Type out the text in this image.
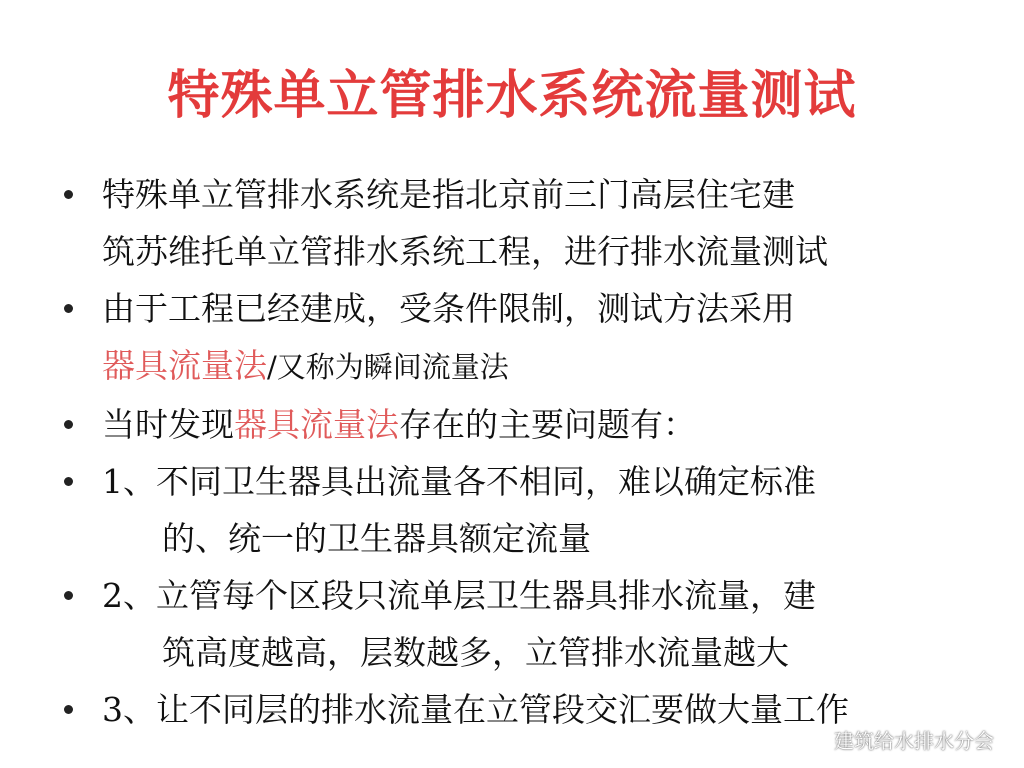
特殊单立管排水系统流量测试
特殊单立管排水系统是指北京前三门高层住宅建
筑苏维托单立管排水系统工程，进行排水流量测试
由于工程已经建成，受条件限制，测试方法采用
器具流量法/又称为瞬间流量法
当时发现器具流量法存在的主要问题有：
1、不同卫生器具出流量各不相同，难以确定标准
的、统一的卫生器具额定流量
2、立管每个区段只流单层卫生器具排水流量，建
筑高度越高，层数越多，立管排水流量越大
3、让不同层的排水流量在立管段交汇要做大量工作
建筑给水排水分会
